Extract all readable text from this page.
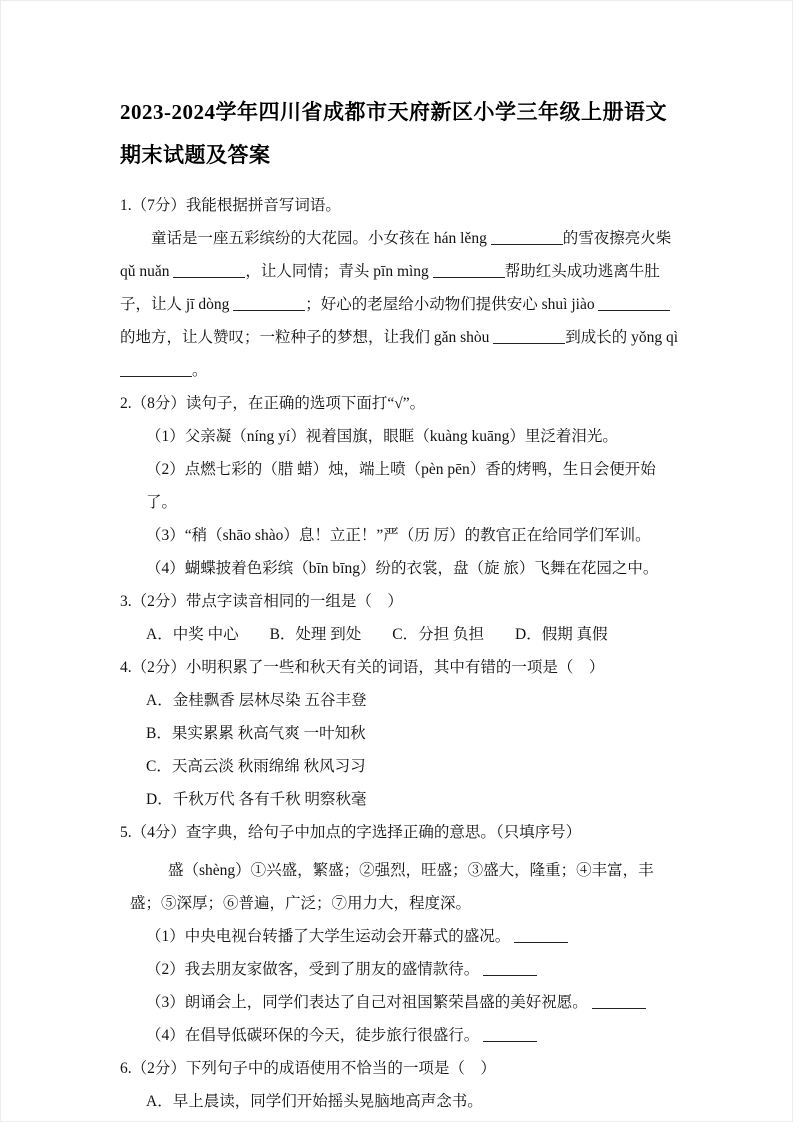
2023-2024学年四川省成都市天府新区小学三年级上册语文期末试题及答案

1.（7分）我能根据拼音写词语。

童话是一座五彩缤纷的大花园。小女孩在 hán lěng	的雪夜擦亮火柴 qǔ nuǎn	，让人同情；青头 pīn mìng	帮助红头成功逃离牛肚子，让人 jī dòng	；好心的老屋给小动物们提供安心 shuì jiào 的地方，让人赞叹；一粒种子的梦想，让我们 gǎn shòu	到成长的 yǒng qì 。

2.（8分）读句子，在正确的选项下面打“√”。

（1）父亲凝（níng yí）视着国旗，眼眶（kuàng kuāng）里泛着泪光。

（2）点燃七彩的（腊 蜡）烛，端上喷（pèn pēn）香的烤鸭，生日会便开始了。

（3）“稍（shāo shào）息！立正！”严（历 厉）的教官正在给同学们军训。

（4）蝴蝶披着色彩缤（bīn bīng）纷的衣裳，盘（旋 旅）飞舞在花园之中。

3.（2分）带点字读音相同的一组是（　）

A．中奖 中心　　B．处理 到处　　C．分担 负担　　D．假期 真假

4.（2分）小明积累了一些和秋天有关的词语，其中有错的一项是（　）

A．金桂飘香 层林尽染 五谷丰登

B．果实累累 秋高气爽 一叶知秋

C．天高云淡 秋雨绵绵 秋风习习

D．千秋万代 各有千秋 明察秋毫

5.（4分）查字典，给句子中加点的字选择正确的意思。（只填序号）

盛（shèng）①兴盛，繁盛；②强烈，旺盛；③盛大，隆重；④丰富，丰盛；⑤深厚；⑥普遍，广泛；⑦用力大，程度深。

（1）中央电视台转播了大学生运动会开幕式的盛况。

（2）我去朋友家做客，受到了朋友的盛情款待。

（3）朗诵会上，同学们表达了自己对祖国繁荣昌盛的美好祝愿。

（4）在倡导低碳环保的今天，徒步旅行很盛行。

6.（2分）下列句子中的成语使用不恰当的一项是（　）

A．早上晨读，同学们开始摇头晃脑地高声念书。
